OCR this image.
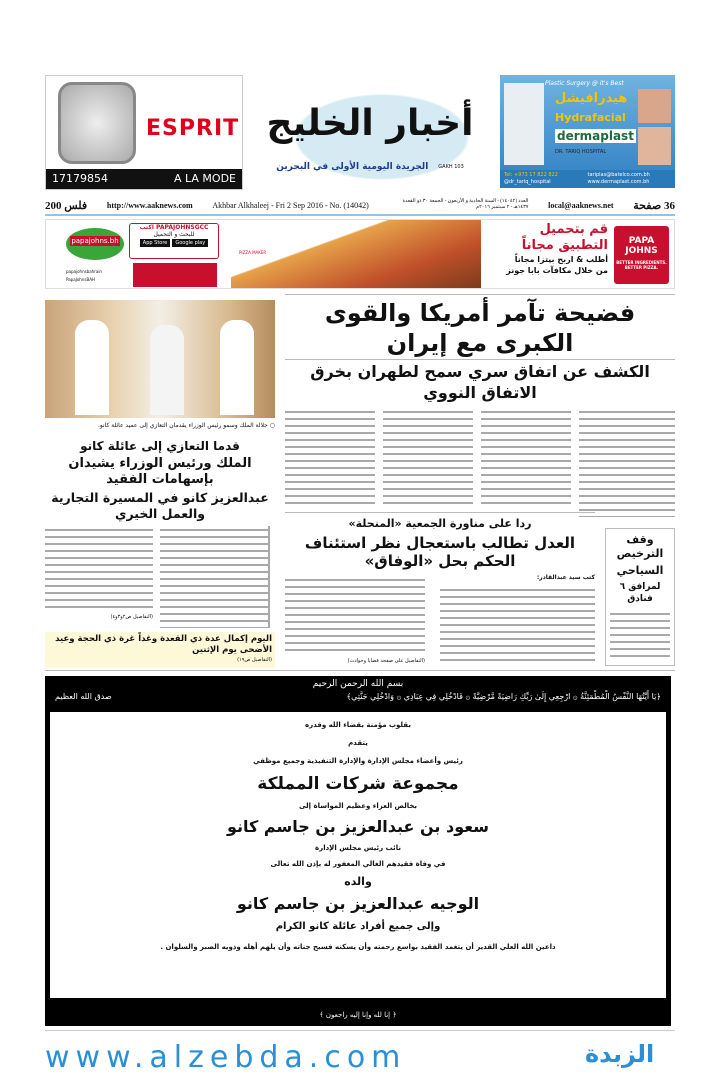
ESPRIT
17179854	A LA MODE
أخبار الخليج
الجريدة اليومية الأولى في البحرين GAKH 103
Plastic Surgery @ it's Best
هيدرافيشل
Hydrafacial
dermaplast
DR. TARIQ HOSPITAL
Tel: +973 17 822 822	tariplas@batelco.com.bh
@dr_tariq_hospital	www.dermaplast.com.bh
200 فلس http://www.aaknews.com Akhbar Alkhaleej - Fri 2 Sep 2016 - No. (14042)	العدد (١٤٠٤٢) - السنة الحادية و الأربعون - الجمعة ٣٠ ذو القعدة ١٤٣٧هـ - ٢ سبتمبر ٢٠١٦م local@aaknews.net 36 صفحة
papajohns.bh
papajohnsbahrain
PapaJohnsBAH
اكتب PAPAJOHNSGCC
للبحث و التحميل
App Store	Google play
PIZZA MAKER
قم بتحميل
التطبيق مجاناً
أطلب & اربح بيتزا مجاناً
من خلال مكافآت بابا جونز
PAPA JOHNS
BETTER INGREDIENTS. BETTER PIZZA.
فضيحة تآمر أمريكا والقوى الكبرى مع إيران
الكشف عن اتفاق سري سمح لطهران بخرق الاتفاق النووي
○ جلالة الملك وسمو رئيس الوزراء يقدمان التعازي إلى عميد عائلة كانو.
قدما التعازي إلى عائلة كانو
الملك ورئيس الوزراء يشيدان بإسهامات الفقيد
عبدالعزيز كانو في المسيرة التجارية والعمل الخيري
(التفاصيل ص٢و٣و٤)
اليوم إكمال عدة ذي القعدة وغداً غرة ذي الحجة وعيد الأضحى يوم الإثنين
(التفاصيل ص١٩)
ردا على مناورة الجمعية «المنحلة»
العدل تطالب باستعجال نظر استئناف الحكم بحل «الوفاق»
كتب سيد عبدالقادر:
(التفاصيل على صفحة قضايا وحوادث)
وقف الترخيص
السياحي
لمرافق ٦ فنادق
بسم الله الرحمن الرحيم
﴿يَا أَيَّتُهَا النَّفْسُ الْمُطْمَئِنَّةُ ۞ ارْجِعِي إِلَىٰ رَبِّكِ رَاضِيَةً مَّرْضِيَّةً ۞ فَادْخُلِي فِي عِبَادِي ۞ وَادْخُلِي جَنَّتِي﴾
صدق الله العظيم
بقلوب مؤمنة بقضاء الله وقدره
يتقدم
رئيس وأعضاء مجلس الإدارة والإدارة التنفيذية وجميع موظفي
مجموعة شركات المملكة
بخالص العزاء وعظيم المواساة إلى
سعود بن عبدالعزيز بن جاسم كانو
نائب رئيس مجلس الإدارة
في وفاة فقيدهم الغالي المغفور له بإذن الله تعالى
والده
الوجيه عبدالعزيز بن جاسم كانو
وإلى جميع أفراد عائلة كانو الكرام
داعين الله العلي القدير أن يتغمد الفقيد بواسع رحمته وأن يسكنه فسيح جناته وأن يلهم أهله وذويه الصبر والسلوان .
﴿ إنا لله وإنا إليه راجعون ﴾
www.alzebda.com	الزبدة
